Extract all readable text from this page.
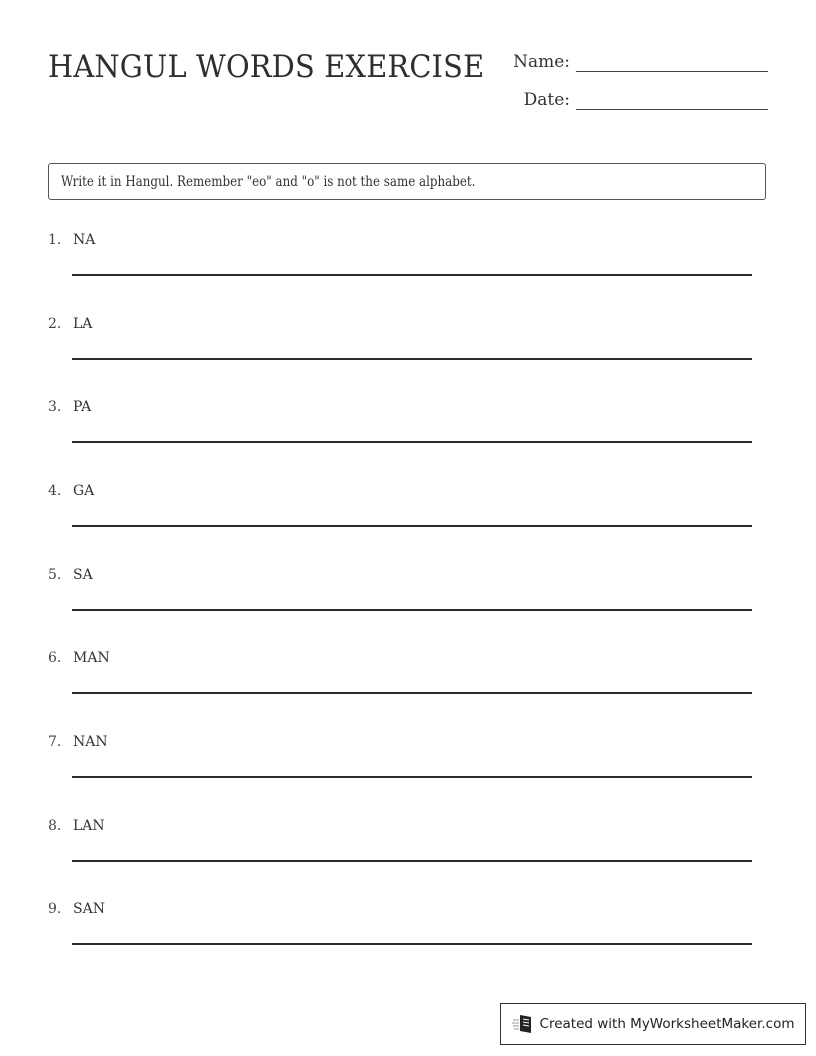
HANGUL WORDS EXERCISE	Name:
Date:
Write it in Hangul. Remember "eo" and "o" is not the same alphabet.
1. NA
2. LA
3. PA
4. GA
5. SA
6. MAN
7. NAN
8. LAN
9. SAN
Created with MyWorksheetMaker.com
